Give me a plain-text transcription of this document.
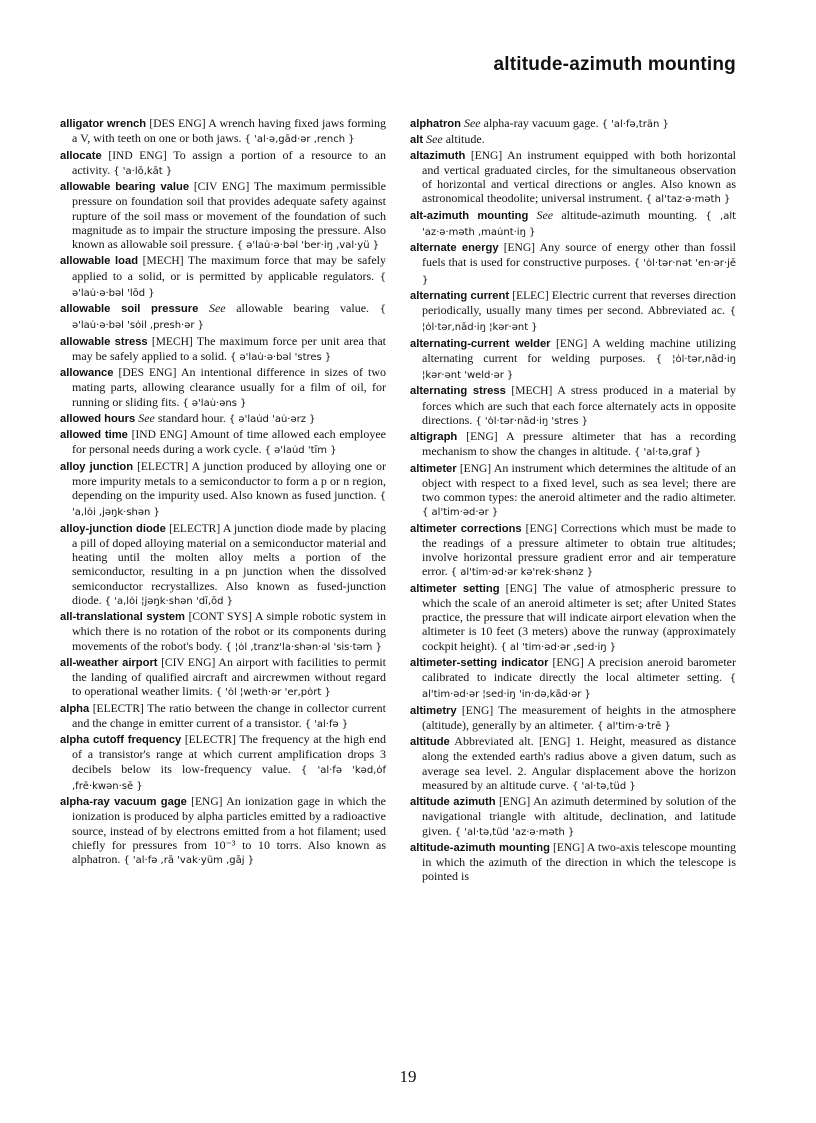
altitude-azimuth mounting

alligator wrench [DES ENG] A wrench having fixed jaws forming a V, with teeth on one or both jaws. { 'al·ə,gād·ər ,rench }

allocate [IND ENG] To assign a portion of a resource to an activity. { 'a·lō,kāt }

allowable bearing value [CIV ENG] The maximum permissible pressure on foundation soil that provides adequate safety against rupture of the soil mass or movement of the foundation of such magnitude as to impair the structure imposing the pressure. Also known as allowable soil pressure. { ə'lau̇·ə·bəl 'ber·iŋ ,val·yü }

allowable load [MECH] The maximum force that may be safely applied to a solid, or is permitted by applicable regulators. { ə'lau̇·ə·bəl 'lōd }

allowable soil pressure See allowable bearing value. { ə'lau̇·ə·bəl 'sȯil ,presh·ər }

allowable stress [MECH] The maximum force per unit area that may be safely applied to a solid. { ə'lau̇·ə·bəl 'stres }

allowance [DES ENG] An intentional difference in sizes of two mating parts, allowing clearance usually for a film of oil, for running or sliding fits. { ə'lau̇·əns }

allowed hours See standard hour. { ə'lau̇d 'au̇·ərz }

allowed time [IND ENG] Amount of time allowed each employee for personal needs during a work cycle. { ə'lau̇d 'tīm }

alloy junction [ELECTR] A junction produced by alloying one or more impurity metals to a semiconductor to form a p or n region, depending on the impurity used. Also known as fused junction. { 'a,lȯi ,jəŋk·shən }

alloy-junction diode [ELECTR] A junction diode made by placing a pill of doped alloying material on a semiconductor material and heating until the molten alloy melts a portion of the semiconductor, resulting in a pn junction when the dissolved semiconductor recrystallizes. Also known as fused-junction diode. { 'a,lȯi ¦jəŋk·shən 'dī,ōd }

all-translational system [CONT SYS] A simple robotic system in which there is no rotation of the robot or its components during movements of the robot's body. { ¦ȯl ,tranz'la·shən·əl 'sis·təm }

all-weather airport [CIV ENG] An airport with facilities to permit the landing of qualified aircraft and aircrewmen without regard to operational weather limits. { 'ȯl ¦weth·ər 'er,pȯrt }

alpha [ELECTR] The ratio between the change in collector current and the change in emitter current of a transistor. { 'al·fə }

alpha cutoff frequency [ELECTR] The frequency at the high end of a transistor's range at which current amplification drops 3 decibels below its low-frequency value. { 'al·fə 'kəd,ȯf ,frē·kwən·sē }

alpha-ray vacuum gage [ENG] An ionization gage in which the ionization is produced by alpha particles emitted by a radioactive source, instead of by electrons emitted from a hot filament; used chiefly for pressures from 10⁻³ to 10 torrs. Also known as alphatron. { 'al·fə ,rā 'vak·yüm ,gāj }

alphatron See alpha-ray vacuum gage. { 'al·fə,trän }

alt See altitude.

altazimuth [ENG] An instrument equipped with both horizontal and vertical graduated circles, for the simultaneous observation of horizontal and vertical directions or angles. Also known as astronomical theodolite; universal instrument. { al'taz·ə·məth }

alt-azimuth mounting See altitude-azimuth mounting. { ,alt 'az·ə·məth ,mau̇nt·iŋ }

alternate energy [ENG] Any source of energy other than fossil fuels that is used for constructive purposes. { 'ȯl·tər·nət 'en·ər·jē }

alternating current [ELEC] Electric current that reverses direction periodically, usually many times per second. Abbreviated ac. { ¦ȯl·tər,nād·iŋ ¦kər·ənt }

alternating-current welder [ENG] A welding machine utilizing alternating current for welding purposes. { ¦ȯl·tər,nād·iŋ ¦kər·ənt 'weld·ər }

alternating stress [MECH] A stress produced in a material by forces which are such that each force alternately acts in opposite directions. { 'ȯl·tər·nād·iŋ 'stres }

altigraph [ENG] A pressure altimeter that has a recording mechanism to show the changes in altitude. { 'al·tə,graf }

altimeter [ENG] An instrument which determines the altitude of an object with respect to a fixed level, such as sea level; there are two common types: the aneroid altimeter and the radio altimeter. { al'tim·əd·ər }

altimeter corrections [ENG] Corrections which must be made to the readings of a pressure altimeter to obtain true altitudes; involve horizontal pressure gradient error and air temperature error. { al'tim·əd·ər kə'rek·shənz }

altimeter setting [ENG] The value of atmospheric pressure to which the scale of an aneroid altimeter is set; after United States practice, the pressure that will indicate airport elevation when the altimeter is 10 feet (3 meters) above the runway (approximately cockpit height). { al 'tim·əd·ər ,sed·iŋ }

altimeter-setting indicator [ENG] A precision aneroid barometer calibrated to indicate directly the local altimeter setting. { al'tim·əd·ər ¦sed·iŋ 'in·də,kād·ər }

altimetry [ENG] The measurement of heights in the atmosphere (altitude), generally by an altimeter. { al'tim·ə·trē }

altitude Abbreviated alt. [ENG] 1. Height, measured as distance along the extended earth's radius above a given datum, such as average sea level. 2. Angular displacement above the horizon measured by an altitude curve. { 'al·tə,tüd }

altitude azimuth [ENG] An azimuth determined by solution of the navigational triangle with altitude, declination, and latitude given. { 'al·tə,tüd 'az·ə·məth }

altitude-azimuth mounting [ENG] A two-axis telescope mounting in which the azimuth of the direction in which the telescope is pointed is

19
